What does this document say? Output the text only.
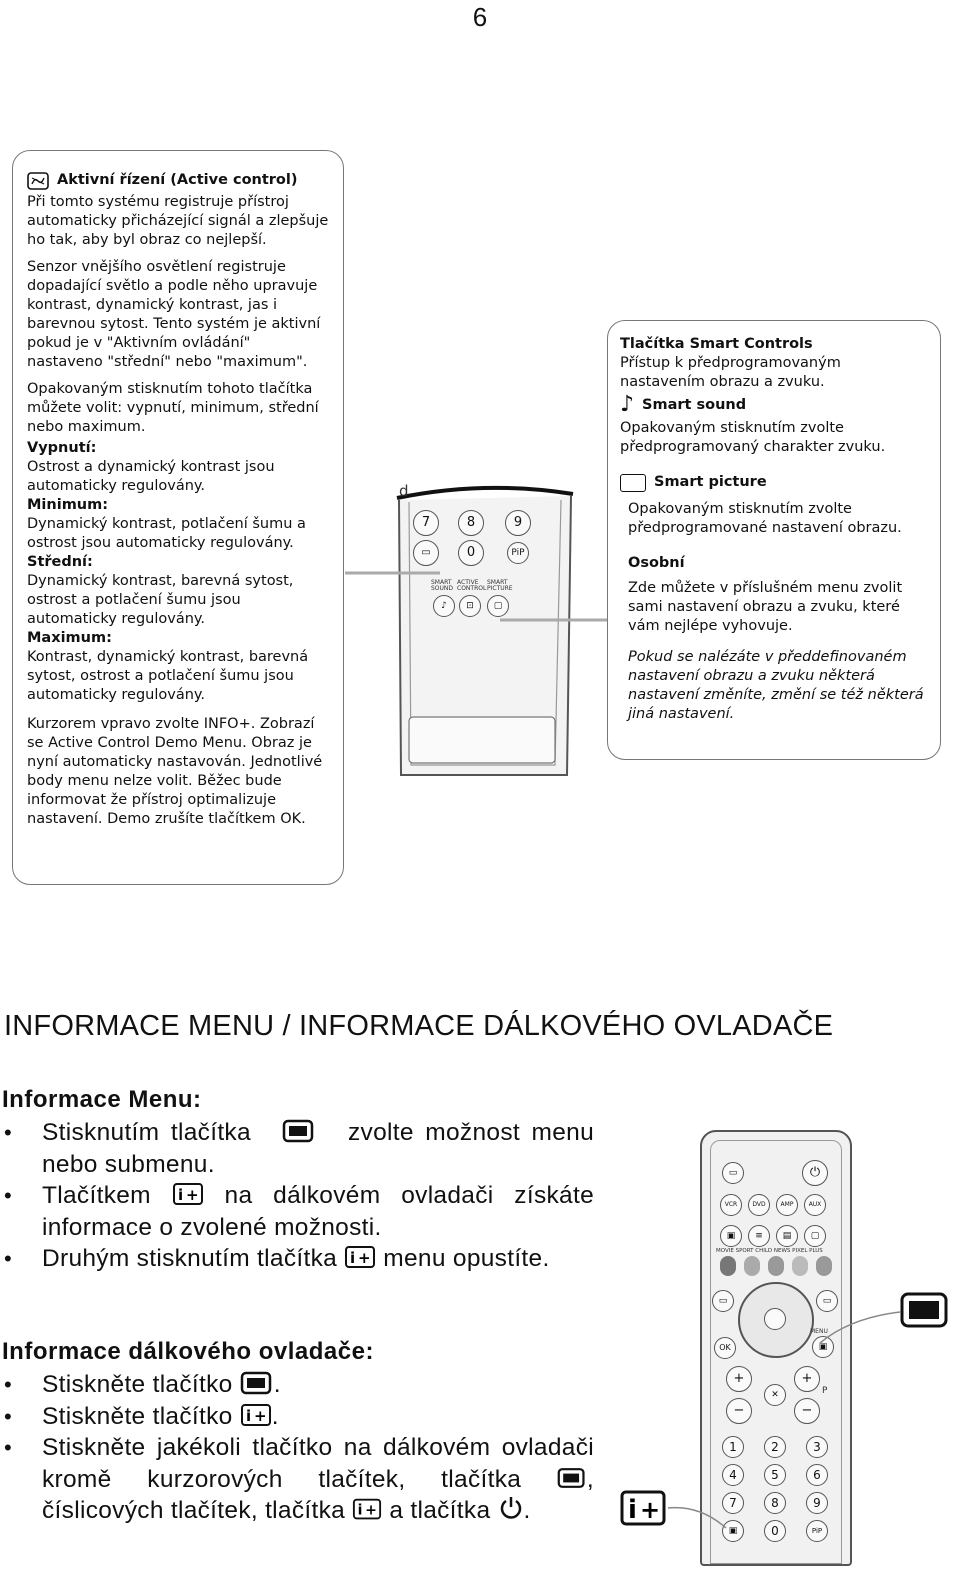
6
Aktivní řízení (Active control)

Při tomto systému registruje přístroj automaticky přicházející signál a zlepšuje ho tak, aby byl obraz co nejlepší.

Senzor vnějšího osvětlení registruje dopadající světlo a podle něho upravuje kontrast, dynamický kontrast, jas i barevnou sytost. Tento systém je aktivní pokud je v "Aktivním ovládání" nastaveno "střední" nebo "maximum".

Opakovaným stisknutím tohoto tlačítka můžete volit: vypnutí, minimum, střední nebo maximum.

Vypnutí:

Ostrost a dynamický kontrast jsou automaticky regulovány.

Minimum:

Dynamický kontrast, potlačení šumu a ostrost jsou automaticky regulovány.

Střední:

Dynamický kontrast, barevná sytost, ostrost a potlačení šumu jsou automaticky regulovány.

Maximum:

Kontrast, dynamický kontrast, barevná sytost, ostrost a potlačení šumu jsou automaticky regulovány.

Kurzorem vpravo zvolte INFO+. Zobrazí se Active Control Demo Menu. Obraz je nyní automaticky nastavován. Jednotlivé body menu nelze volit. Běžec bude informovat že přístroj optimalizuje nastavení. Demo zrušíte tlačítkem OK.

d
7	8	9
▭	0	PiP
SMART SOUND
ACTIVE CONTROL
SMART PICTURE
♪	⊡	▢
Tlačítka Smart Controls

Přístup k předprogramovaným nastavením obrazu a zvuku.

♪ Smart sound

Opakovaným stisknutím zvolte předprogramovaný charakter zvuku.

Smart picture

Opakovaným stisknutím zvolte předprogramované nastavení obrazu.

Osobní

Zde můžete v příslušném menu zvolit sami nastavení obrazu a zvuku, které vám nejlépe vyhovuje.

Pokud se nalézáte v předdefinovaném nastavení obrazu a zvuku některá nastavení změníte, změní se též některá jiná nastavení.

INFORMACE MENU / INFORMACE DÁLKOVÉHO OVLADAČE
Informace Menu:
• Stisknutím tlačítka	zvolte možnost menu nebo submenu.
• Tlačítkem i + na dálkovém ovladači získáte informace o zvolené možnosti.
• Druhým stisknutím tlačítka i + menu opustíte.
Informace dálkového ovladače:
• Stiskněte tlačítko .
• Stiskněte tlačítko i + .
• Stiskněte jakékoli tlačítko na dálkovém ovladači kromě kurzorových tlačítek, tlačítka	, číslicových tlačítek, tlačítka i + a tlačítka .
▭	⏻
VCR	DVD	AMP	AUX
▣	≡	▤	▢
MOVIE SPORT CHILD NEWS PIXEL PLUS
▭	▭
OK
MENU
▣
+	+
✕	P
−	−
1	2	3
4	5	6
7	8	9
▣	0	PiP
i +
